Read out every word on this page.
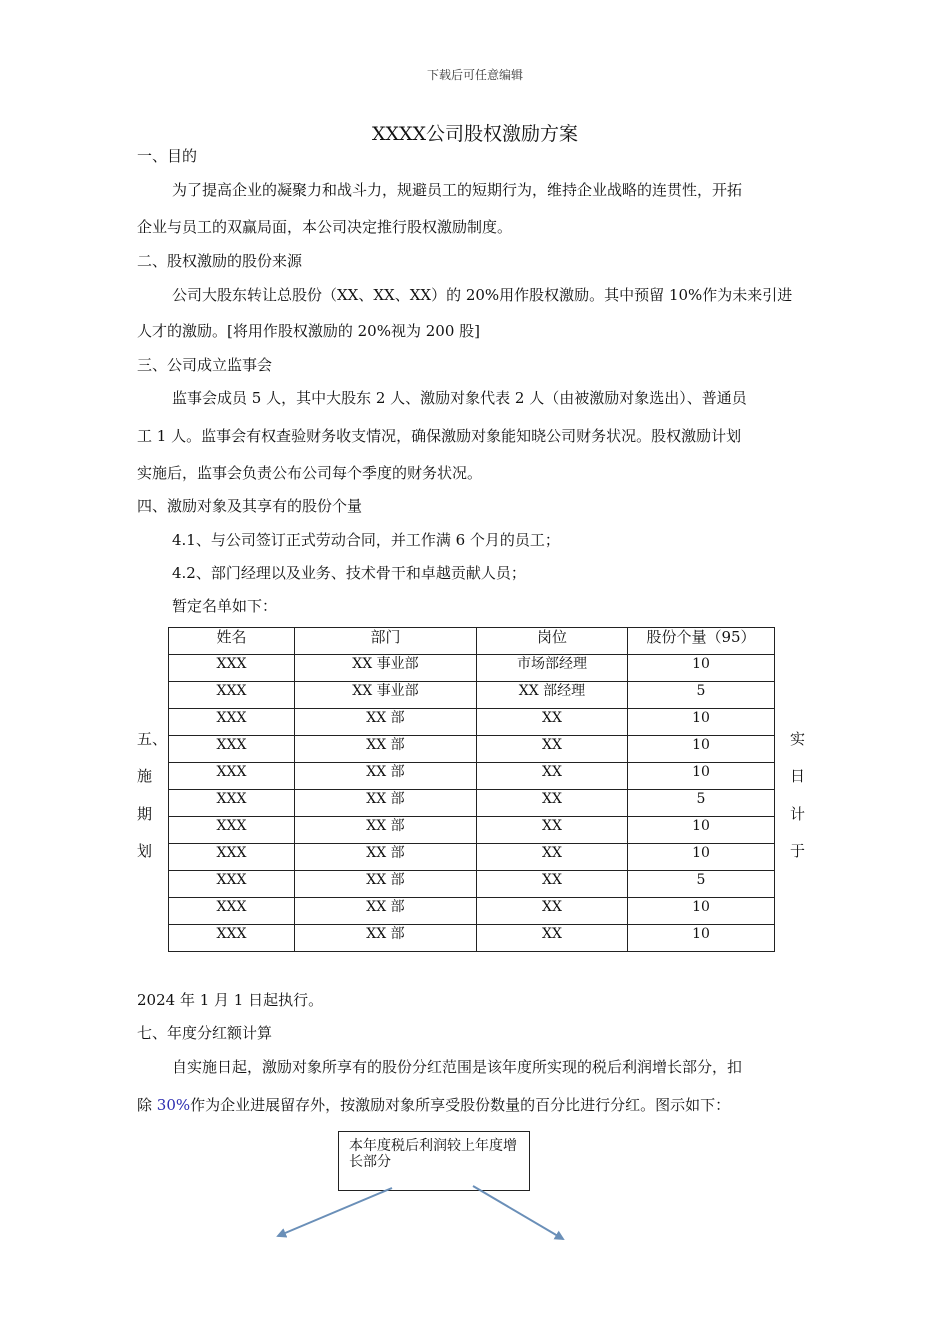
下载后可任意编辑
XXXX公司股权激励方案
一、目的
为了提高企业的凝聚力和战斗力，规避员工的短期行为，维持企业战略的连贯性，开拓
企业与员工的双赢局面，本公司决定推行股权激励制度。
二、股权激励的股份来源
公司大股东转让总股份（XX、XX、XX）的 20%用作股权激励。其中预留 10%作为未来引进
人才的激励。[将用作股权激励的 20%视为 200 股]
三、公司成立监事会
监事会成员 5 人，其中大股东 2 人、激励对象代表 2 人（由被激励对象选出）、普通员
工 1 人。监事会有权查验财务收支情况，确保激励对象能知晓公司财务状况。股权激励计划
实施后，监事会负责公布公司每个季度的财务状况。
四、激励对象及其享有的股份个量
4.1、与公司签订正式劳动合同，并工作满 6 个月的员工；
4.2、部门经理以及业务、技术骨干和卓越贡献人员；
暂定名单如下：
姓名	部门	岗位	股份个量（95）
XXX	XX 事业部	市场部经理	10
XXX	XX 事业部	XX 部经理	5
XXX	XX 部	XX	10
XXX	XX 部	XX	10
XXX	XX 部	XX	10
XXX	XX 部	XX	5
XXX	XX 部	XX	10
XXX	XX 部	XX	10
XXX	XX 部	XX	5
XXX	XX 部	XX	10
XXX	XX 部	XX	10
五、
施
期
划
实
日
计
于
2024 年 1 月 1 日起执行。
七、年度分红额计算
自实施日起，激励对象所享有的股份分红范围是该年度所实现的税后利润增长部分，扣
除 30%作为企业进展留存外，按激励对象所享受股份数量的百分比进行分红。图示如下：
本年度税后利润较上年度增长部分
